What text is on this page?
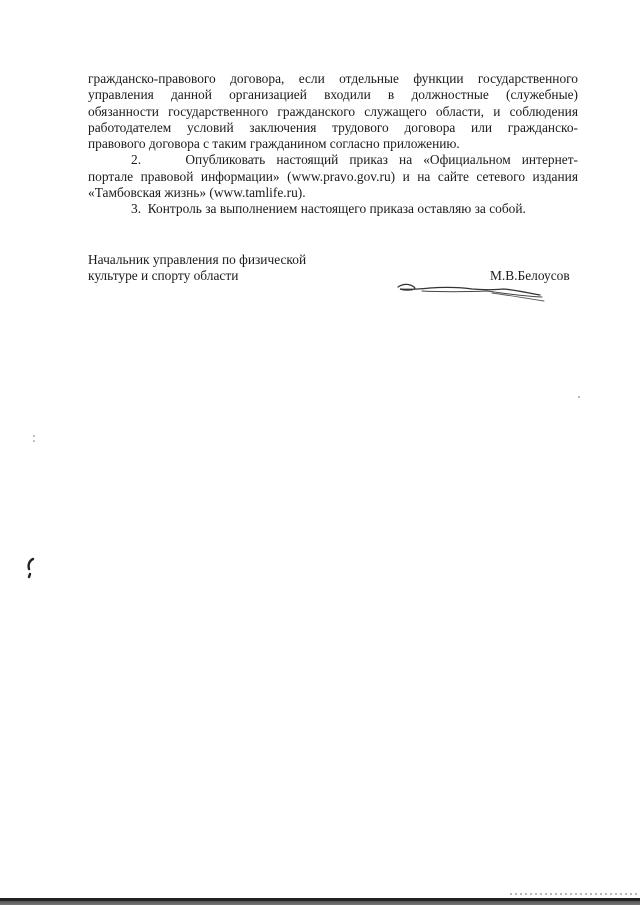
гражданско-правового договора, если отдельные функции государственного
управления данной организацией входили в должностные (служебные)
обязанности государственного гражданского служащего области, и соблюдения
работодателем условий заключения трудового договора или гражданско-
правового договора с таким гражданином согласно приложению.
2.	Опубликовать настоящий приказ на «Официальном интернет-
портале правовой информации» (www.pravo.gov.ru) и на сайте сетевого издания
«Тамбовская жизнь» (www.tamlife.ru).
3. Контроль за выполнением настоящего приказа оставляю за собой.
Начальник управления по физической
культуре и спорту области	М.В.Белоусов
